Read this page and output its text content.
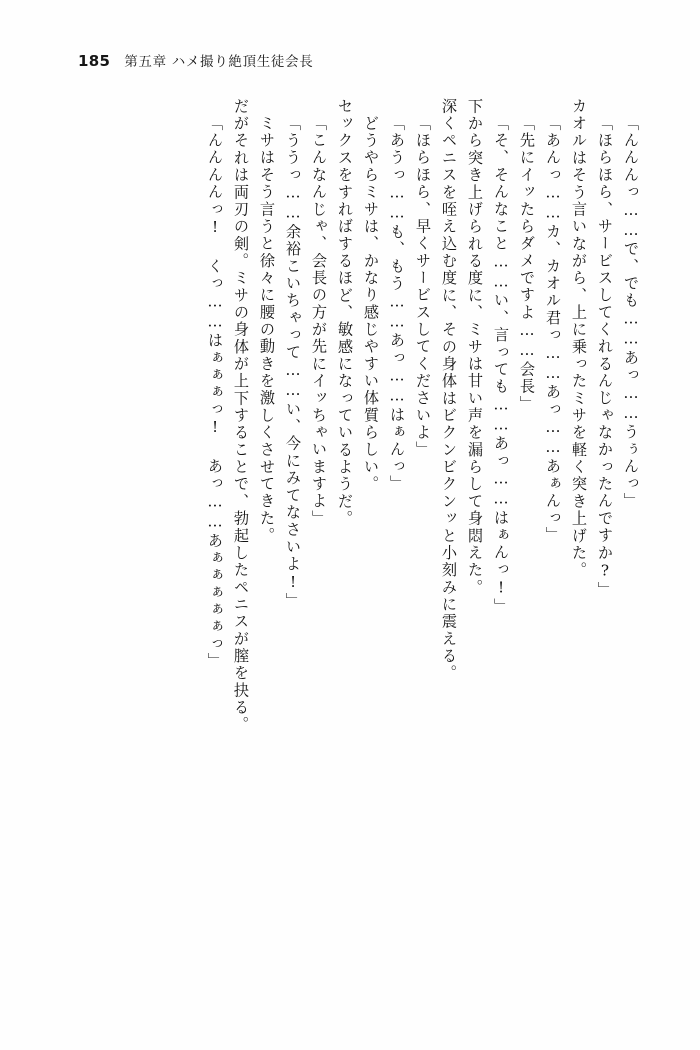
185 第五章 ハメ撮り絶頂生徒会長
「んんんっ……で、でも……あっ……うぅんっ」
「ほらほら、サービスしてくれるんじゃなかったんですか?」
カオルはそう言いながら、上に乗ったミサを軽く突き上げた。
「あんっ……カ、カオル君っ……あっ……あぁんっ」
「先にイッたらダメですよ……会長」
「そ、そんなこと……い、言っても……あっ……はぁんっ!」
下から突き上げられる度に、ミサは甘い声を漏らして身悶えた。
深くペニスを咥え込む度に、その身体はビクンビクンッと小刻みに震える。
「ほらほら、早くサービスしてくださいよ」
「あうっ……も、もう……あっ……はぁんっ」
どうやらミサは、かなり感じやすい体質らしい。
セックスをすればするほど、敏感になっているようだ。
「こんなんじゃ、会長の方が先にイッちゃいますよ」
「ううっ……余裕こいちゃって……い、今にみてなさいよ!」
ミサはそう言うと徐々に腰の動きを激しくさせてきた。
だがそれは両刃の剣。ミサの身体が上下することで、勃起したペニスが膣を抉る。
「んんんんっ! くっ……はぁぁぁっ! あっ……あぁぁぁぁぁっ」
